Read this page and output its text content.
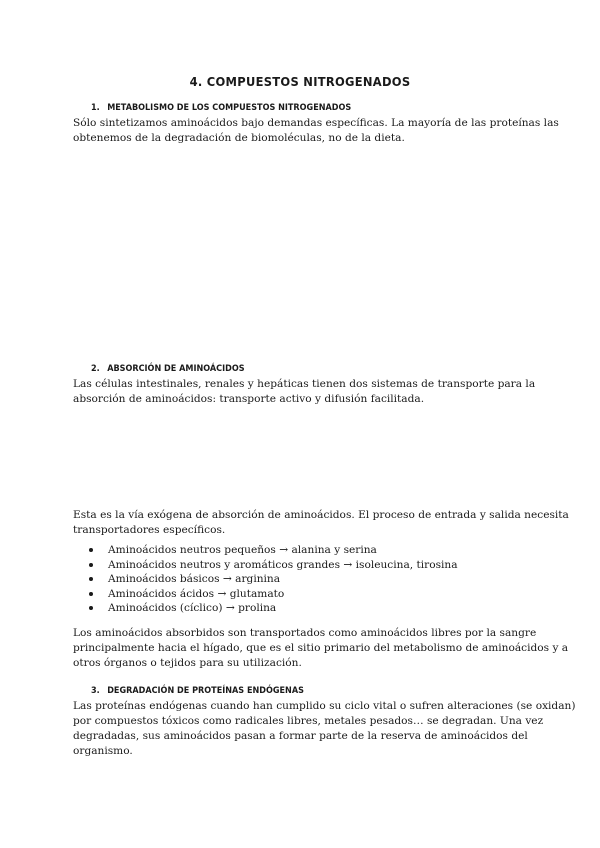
4. COMPUESTOS NITROGENADOS
1. METABOLISMO DE LOS COMPUESTOS NITROGENADOS
Sólo sintetizamos aminoácidos bajo demandas específicas. La mayoría de las proteínas las
obtenemos de la degradación de biomoléculas, no de la dieta.
2. ABSORCIÓN DE AMINOÁCIDOS
Las células intestinales, renales y hepáticas tienen dos sistemas de transporte para la
absorción de aminoácidos: transporte activo y difusión facilitada.
Esta es la vía exógena de absorción de aminoácidos. El proceso de entrada y salida necesita
transportadores específicos.
Aminoácidos neutros pequeños → alanina y serina
Aminoácidos neutros y aromáticos grandes → isoleucina, tirosina
Aminoácidos básicos → arginina
Aminoácidos ácidos → glutamato
Aminoácidos (cíclico) → prolina
Los aminoácidos absorbidos son transportados como aminoácidos libres por la sangre
principalmente hacia el hígado, que es el sitio primario del metabolismo de aminoácidos y a
otros órganos o tejidos para su utilización.
3. DEGRADACIÓN DE PROTEÍNAS ENDÓGENAS
Las proteínas endógenas cuando han cumplido su ciclo vital o sufren alteraciones (se oxidan)
por compuestos tóxicos como radicales libres, metales pesados… se degradan. Una vez
degradadas, sus aminoácidos pasan a formar parte de la reserva de aminoácidos del
organismo.
